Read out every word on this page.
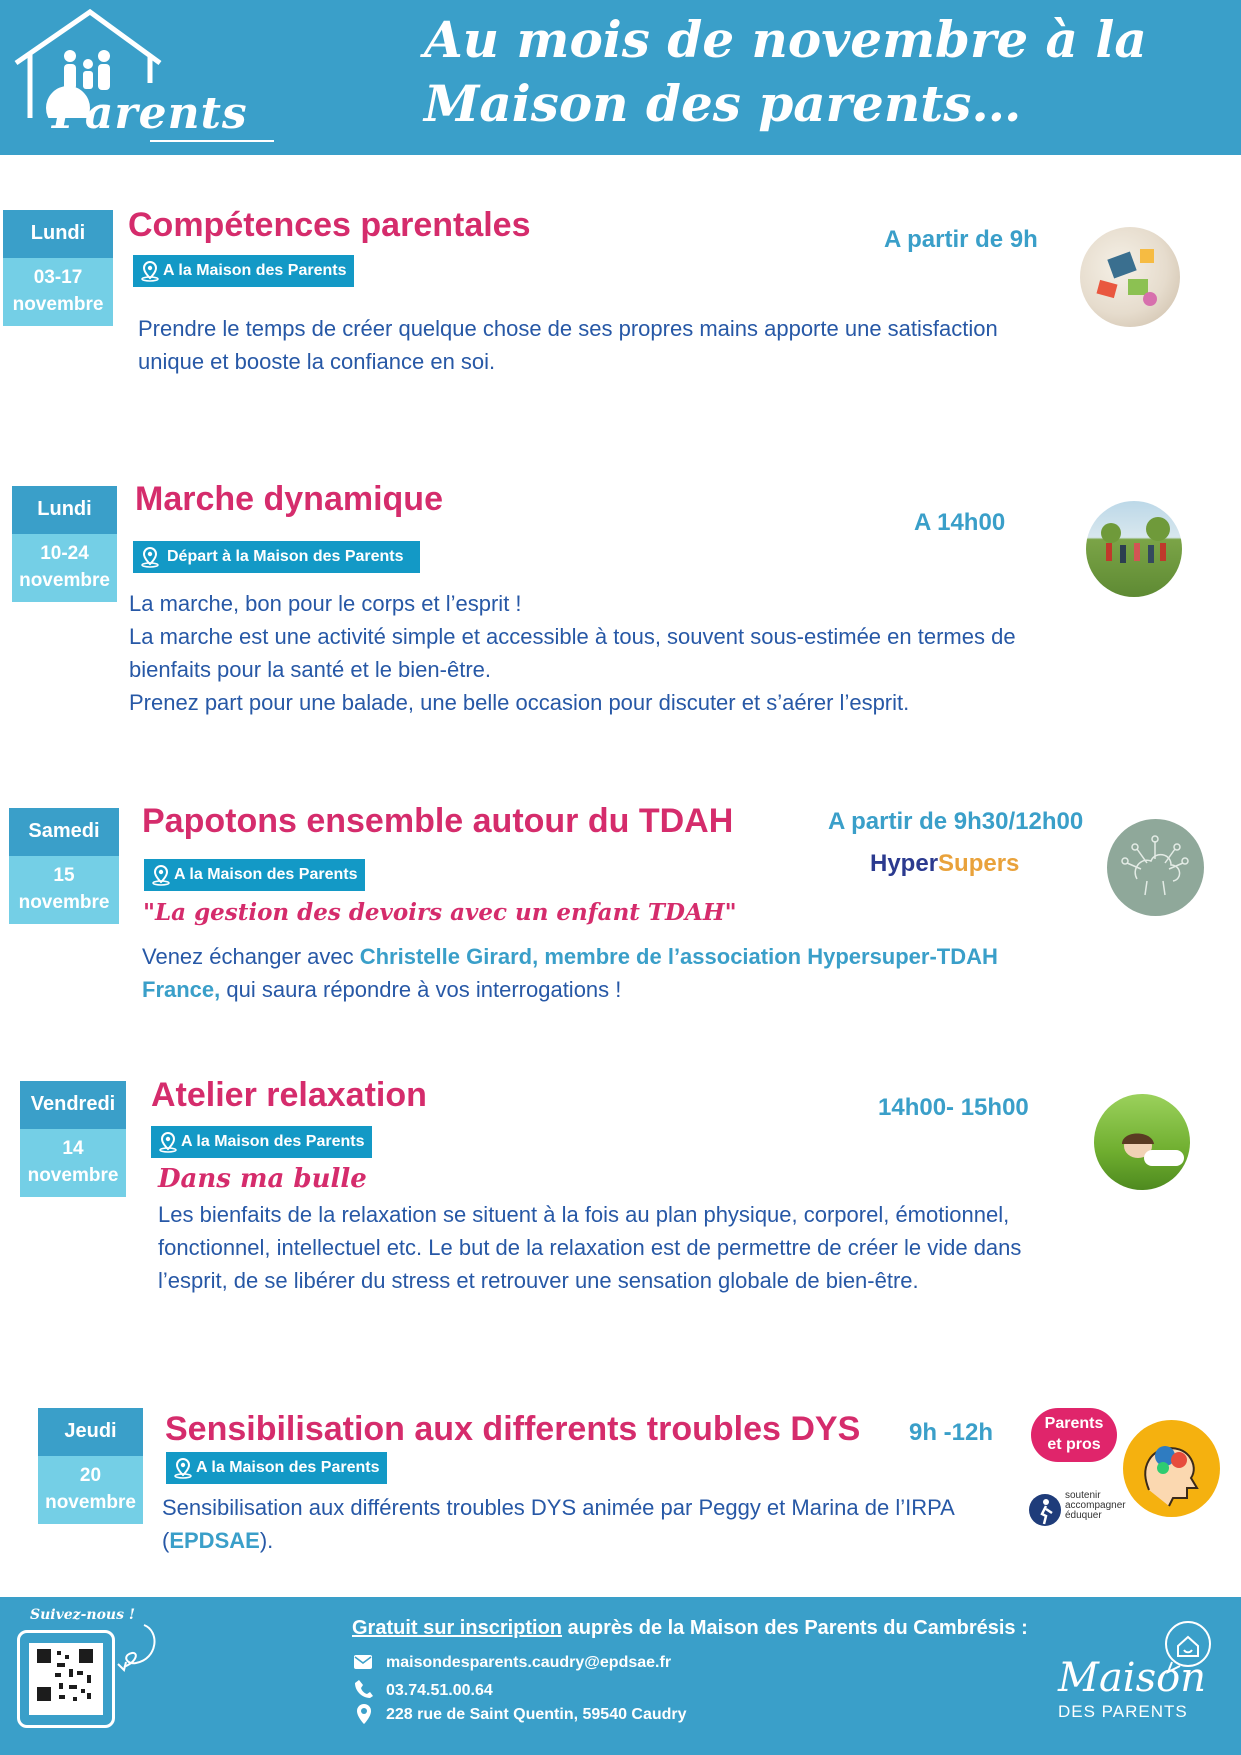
Parents
Au mois de novembre à la
Maison des parents…
Lundi
03-17
novembre
Compétences parentales	A partir de 9h
A la Maison des Parents
Prendre le temps de créer quelque chose de ses propres mains apporte une satisfaction unique et booste la confiance en soi.
Lundi
10-24
novembre
Marche dynamique
A 14h00
Départ à la Maison des Parents
La marche, bon pour le corps et l’esprit !
La marche est une activité simple et accessible à tous, souvent sous-estimée en termes de bienfaits pour la santé et le bien-être.
Prenez part pour une balade, une belle occasion pour discuter et s’aérer l’esprit.
Samedi
15
novembre
Papotons ensemble autour du TDAH	A partir de 9h30/12h00
HyperSupers
A la Maison des Parents
"La gestion des devoirs avec un enfant TDAH"
Venez échanger avec Christelle Girard, membre de l’association Hypersuper-TDAH France, qui saura répondre à vos interrogations !
Vendredi
14
novembre
Atelier relaxation	14h00- 15h00
A la Maison des Parents
Dans ma bulle
Les bienfaits de la relaxation se situent à la fois au plan physique, corporel, émotionnel, fonctionnel, intellectuel etc. Le but de la relaxation est de permettre de créer le vide dans l’esprit, de se libérer du stress et retrouver une sensation globale de bien-être.
Jeudi
20
novembre
Sensibilisation aux differents troubles DYS 9h -12h	Parents
et pros
A la Maison des Parents
Sensibilisation aux différents troubles DYS animée par Peggy et Marina de l’IRPA (EPDSAE).
soutenir
accompagner
éduquer
Suivez-nous !
Gratuit sur inscription auprès de la Maison des Parents du Cambrésis :
maisondesparents.caudry@epdsae.fr
03.74.51.00.64
228 rue de Saint Quentin, 59540 Caudry
Maison
DES PARENTS
